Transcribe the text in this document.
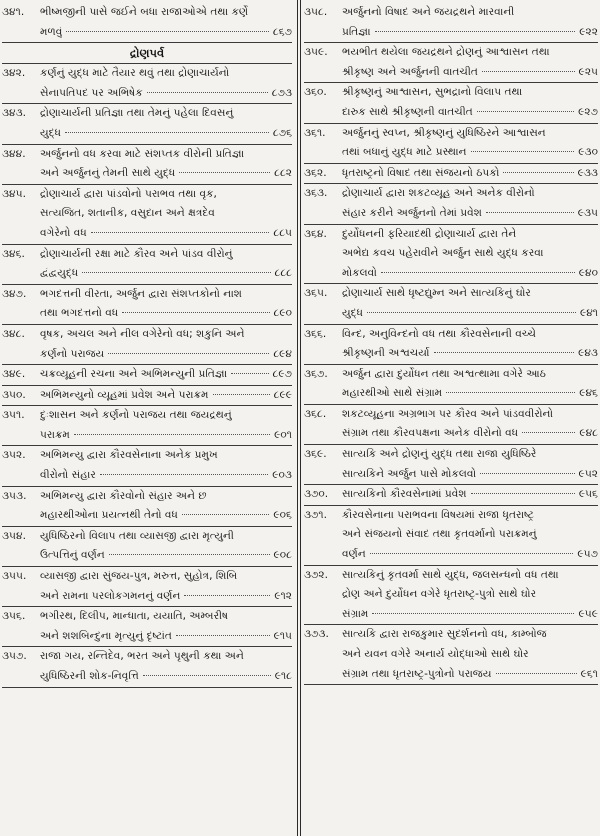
૩૪૧.	ભીષ્મજીની પાસે જઈને બધા રાજાઓએ તથા કર્ણે
મળવું	૮૬૭
દ્રોણપર્વ
૩૪૨.	કર્ણનું યુદ્ધ માટે તૈયાર થવું તથા દ્રોણાચાર્યનો
સેનાપતિપદ પર અભિષેક	૮૭૩
૩૪૩.	દ્રોણાચાર્યની પ્રતિજ્ઞા તથા તેમનું પહેલા દિવસનું
યુદ્ધ	૮૭૬
૩૪૪.	અર્જુનનો વધ કરવા માટે સંશપ્તક વીરોની પ્રતિજ્ઞા
અને અર્જુનનું તેમની સાથે યુદ્ધ	૮૮૨
૩૪૫.	દ્રોણાચાર્ય દ્વારા પાંડવોનો પરાભવ તથા વૃક,
સત્યજિત, શતાનીક, વસુદાન અને ક્ષત્રદેવ
વગેરેનો વધ	૮૮૫
૩૪૬.	દ્રોણાચાર્યની રક્ષા માટે કૌરવ અને પાંડવ વીરોનું
દ્વંદ્વયુદ્ધ	૮૮૮
૩૪૭.	ભગદત્તની વીરતા, અર્જુન દ્વારા સંશપ્તકોનો નાશ
તથા ભગદત્તનો વધ	૮૯૦
૩૪૮.	વૃષક, અચલ અને નીલ વગેરેનો વધ; શકુનિ અને
કર્ણનો પરાજય	૮૯૪
૩૪૯.	ચક્રવ્યૂહની રચના અને અભિમન્યુની પ્રતિજ્ઞા	૮૯૭
૩૫૦.	અભિમન્યુનો વ્યૂહમાં પ્રવેશ અને પરાક્રમ	૮૯૯
૩૫૧.	દુઃશાસન અને કર્ણનો પરાજય તથા જયદ્રથનું
પરાક્રમ	૯૦૧
૩૫૨.	અભિમન્યુ દ્વારા કૌરવસેનાના અનેક પ્રમુખ
વીરોનો સંહાર	૯૦૩
૩૫૩.	અભિમન્યુ દ્વારા કૌરવોનો સંહાર અને છ
મહારથીઓના પ્રયત્નથી તેનો વધ	૯૦૬
૩૫૪.	યુધિષ્ઠિરનો વિલાપ તથા વ્યાસજી દ્વારા મૃત્યુની
ઉત્પત્તિનું વર્ણન	૯૦૮
૩૫૫.	વ્યાસજી દ્વારા સુંજય-પુત્ર, મરુત્ત, સુહોત્ર, શિબિ
અને રામના પરલોકગમનનું વર્ણન	૯૧૨
૩૫૬.	ભગીરથ, દિલીપ, માન્ધાતા, યયાતિ, અમ્બરીષ
અને શશબિન્દુના મૃત્યુનું દૃષ્ટાંત	૯૧૫
૩૫૭.	રાજા ગય, રન્તિદેવ, ભરત અને પૃથુની કથા અને
યુધિષ્ઠિરની શોક-નિવૃત્તિ	૯૧૮
૩૫૮.	અર્જુનનો વિષાદ અને જયદ્રથને મારવાની
પ્રતિજ્ઞા	૯૨૨
૩૫૯.	ભયભીત થયેલા જયદ્રથને દ્રોણનું આશ્વાસન તથા
શ્રીકૃષ્ણ અને અર્જુનની વાતચીત	૯૨૫
૩૬૦.	શ્રીકૃષ્ણનું આશ્વાસન, સુભદ્રાનો વિલાપ તથા
દારુક સાથે શ્રીકૃષ્ણની વાતચીત	૯૨૭
૩૬૧.	અર્જુનનું સ્વપ્ન, શ્રીકૃષ્ણનું યુધિષ્ઠિરને આશ્વાસન
તથાં બધાનું યુદ્ધ માટે પ્રસ્થાન	૯૩૦
૩૬૨.	ધૃતરાષ્ટ્રનો વિષાદ તથા સંજયનો ઠપકો	૯૩૩
૩૬૩.	દ્રોણાચાર્ય દ્વારા શકટવ્યૂહ અને અનેક વીરોનો
સંહાર કરીને અર્જુનનો તેમાં પ્રવેશ	૯૩૫
૩૬૪.	દુર્યોધનની ફરિયાદથી દ્રોણાચાર્ય દ્વારા તેને
અભેદ્ય કવચ પહેરાવીને અર્જુન સાથે યુદ્ધ કરવા
મોકલવો	૯૪૦
૩૬૫.	દ્રોણાચાર્ય સાથે ધૃષ્ટદ્યુમ્ન અને સાત્યકિનું ઘોર
યુદ્ધ	૯૪૧
૩૬૬.	વિન્દ, અનુવિન્દનો વધ તથા કૌરવસેનાની વચ્ચે
શ્રીકૃષ્ણની અશ્વચર્યા	૯૪૩
૩૬૭.	અર્જુન દ્વારા દુર્યોધન તથા અશ્વત્થામા વગેરે આઠ
મહારથીઓ સાથે સંગ્રામ	૯૪૬
૩૬૮.	શકટવ્યૂહના અગ્રભાગ પર કૌરવ અને પાંડવવીરોનો
સંગ્રામ તથા કૌરવપક્ષના અનેક વીરોનો વધ	૯૪૮
૩૬૯.	સાત્યકિ અને દ્રોણનું યુદ્ધ તથા રાજા યુધિષ્ઠિરે
સાત્યકિને અર્જુન પાસે મોકલવો	૯૫૨
૩૭૦.	સાત્યકિનો કૌરવસેનામાં પ્રવેશ	૯૫૬
૩૭૧.	કૌરવસેનાના પરાભવના વિષયમાં રાજા ધૃતરાષ્ટ્ર
અને સંજયનો સંવાદ તથા કૃતવર્માનો પરાક્રમનું
વર્ણન	૯૫૭
૩૭૨.	સાત્યકિનું કૃતવર્મા સાથે યુદ્ધ, જલસન્ધનો વધ તથા
દ્રોણ અને દુર્યોધન વગેરે ધૃતરાષ્ટ્ર-પુત્રો સાથે ઘોર
સંગ્રામ	૯૫૯
૩૭૩.	સાત્યકિ દ્વારા રાજકુમાર સુદર્શનનો વધ, કામ્બોજ
અને યવન વગેરે અનાર્ય યોદ્ધાઓ સાથે ઘોર
સંગ્રામ તથા ધૃતરાષ્ટ્ર-પુત્રોનો પરાજય	૯૬૧
